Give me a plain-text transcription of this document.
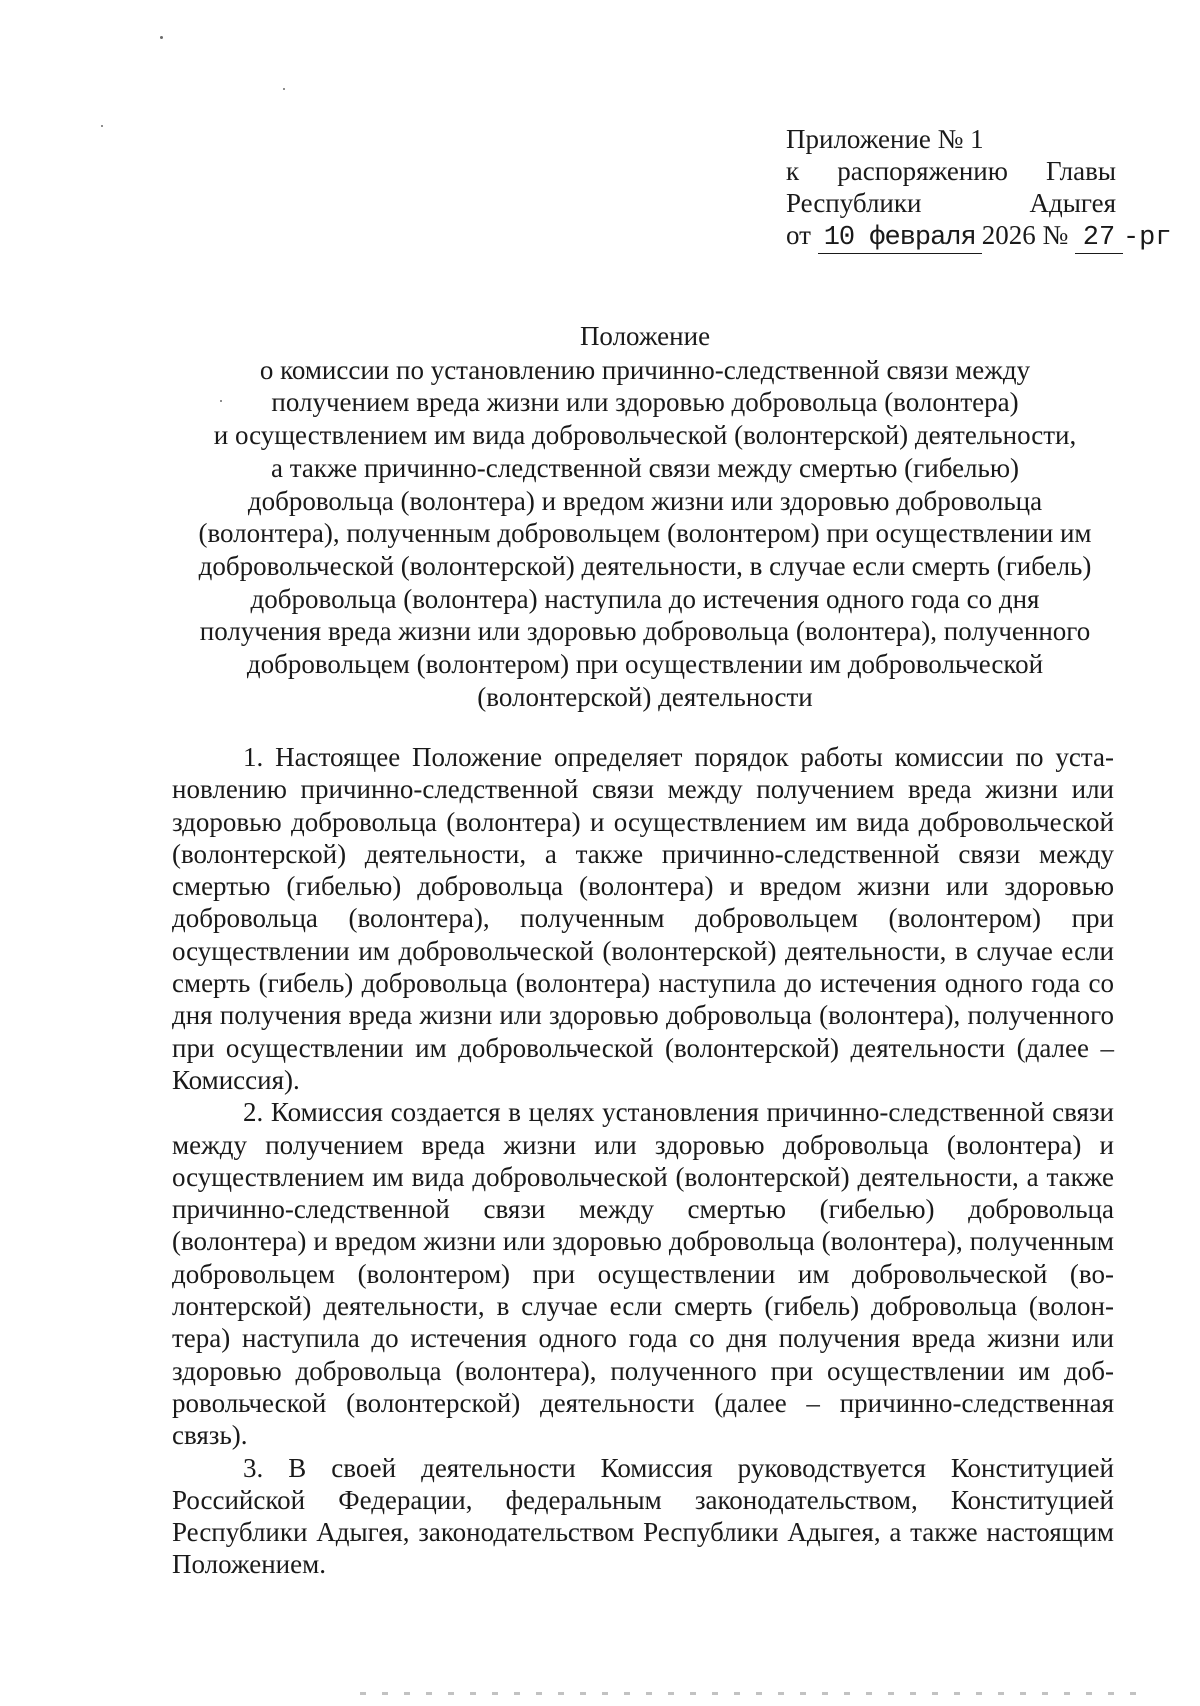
Приложение № 1
к распоряжению Главы
Республики	Адыгея
от 10 февраля 2026 № 27 -рг
Положение
о комиссии по установлению причинно-следственной связи между
получением вреда жизни или здоровью добровольца (волонтера)
и осуществлением им вида добровольческой (волонтерской) деятельности,
а также причинно-следственной связи между смертью (гибелью)
добровольца (волонтера) и вредом жизни или здоровью добровольца
(волонтера), полученным добровольцем (волонтером) при осуществлении им
добровольческой (волонтерской) деятельности, в случае если смерть (гибель)
добровольца (волонтера) наступила до истечения одного года со дня
получения вреда жизни или здоровью добровольца (волонтера), полученного
добровольцем (волонтером) при осуществлении им добровольческой
(волонтерской) деятельности

1. Настоящее Положение определяет порядок работы комиссии по установлению причинно-следственной связи между получением вреда жизни или здоровью добровольца (волонтера) и осуществлением им вида добровольческой (волонтерской) деятельности, а также причинно-следственной связи между смертью (гибелью) добровольца (волонтера) и вредом жизни или здоровью добровольца (волонтера), полученным добровольцем (волонтером) при осуществлении им добровольческой (волонтерской) деятельности, в случае если смерть (гибель) добровольца (волонтера) наступила до истечения одного года со дня получения вреда жизни или здоровью добровольца (волонтера), полученного при осуществлении им добровольческой (волонтерской) деятельности (далее – Комиссия).

2. Комиссия создается в целях установления причинно-следственной связи между получением вреда жизни или здоровью добровольца (волонтера) и осуществлением им вида добровольческой (волонтерской) деятельности, а также причинно-следственной связи между смертью (гибелью) добровольца (волонтера) и вредом жизни или здоровью добровольца (волонтера), полученным добровольцем (волонтером) при осуществлении им добровольческой (волонтерской) деятельности, в случае если смерть (гибель) добровольца (волонтера) наступила до истечения одного года со дня получения вреда жизни или здоровью добровольца (волонтера), полученного при осуществлении им добровольческой (волонтерской) деятельности (далее – причинно-следственная связь).

3. В своей деятельности Комиссия руководствуется Конституцией Российской Федерации, федеральным законодательством, Конституцией Республики Адыгея, законодательством Республики Адыгея, а также настоящим Положением.
